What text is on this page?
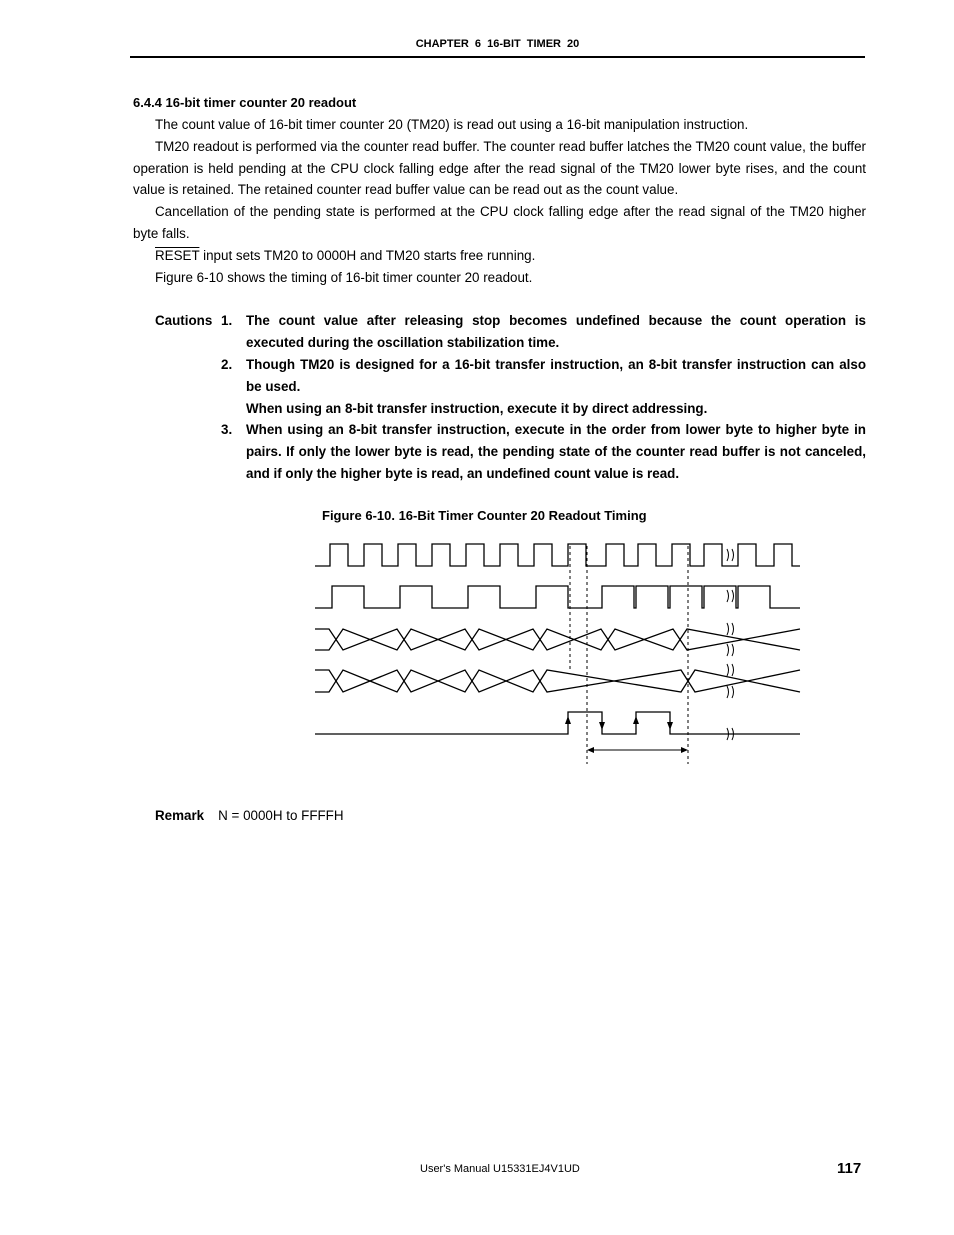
CHAPTER 6 16-BIT TIMER 20

6.4.4 16-bit timer counter 20 readout

The count value of 16-bit timer counter 20 (TM20) is read out using a 16-bit manipulation instruction.

TM20 readout is performed via the counter read buffer. The counter read buffer latches the TM20 count value, the buffer operation is held pending at the CPU clock falling edge after the read signal of the TM20 lower byte rises, and the count value is retained. The retained counter read buffer value can be read out as the count value.

Cancellation of the pending state is performed at the CPU clock falling edge after the read signal of the TM20 higher byte falls.

RESET input sets TM20 to 0000H and TM20 starts free running.

Figure 6-10 shows the timing of 16-bit timer counter 20 readout.

Cautions 1.	The count value after releasing stop becomes undefined because the count operation is executed during the oscillation stabilization time.
2.	Though TM20 is designed for a 16-bit transfer instruction, an 8-bit transfer instruction can also be used.
When using an 8-bit transfer instruction, execute it by direct addressing.
3.	When using an 8-bit transfer instruction, execute in the order from lower byte to higher byte in pairs. If only the lower byte is read, the pending state of the counter read buffer is not canceled, and if only the higher byte is read, an undefined count value is read.
Figure 6-10. 16-Bit Timer Counter 20 Readout Timing
Remark N = 0000H to FFFFH
User's Manual U15331EJ4V1UD	117
